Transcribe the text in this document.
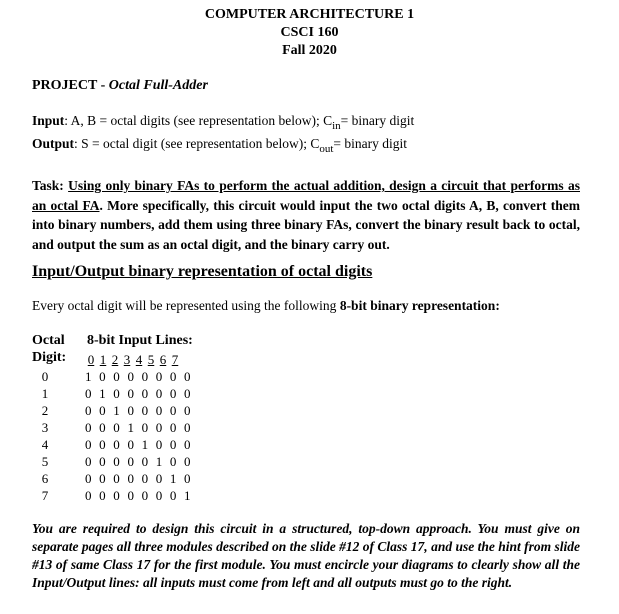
COMPUTER ARCHITECTURE 1
CSCI 160
Fall 2020
PROJECT - Octal Full-Adder
Input: A, B = octal digits (see representation below); $C_{in}=$ binary digit
Output: S = octal digit (see representation below); $C_{out}=$ binary digit
Task: Using only binary FAs to perform the actual addition, design a circuit that performs as an octal FA. More specifically, this circuit would input the two octal digits A, B, convert them into binary numbers, add them using three binary FAs, convert the binary result back to octal, and output the sum as an octal digit, and the binary carry out.
Input/Output binary representation of octal digits
Every octal digit will be represented using the following 8-bit binary representation:
Octal 8-bit Input Lines:
Digit: 0 1 2 3 4 5 6 7
0	1 0 0 0 0 0 0 0
1	0 1 0 0 0 0 0 0
2	0 0 1 0 0 0 0 0
3	0 0 0 1 0 0 0 0
4	0 0 0 0 1 0 0 0
5	0 0 0 0 0 1 0 0
6	0 0 0 0 0 0 1 0
7	0 0 0 0 0 0 0 1
You are required to design this circuit in a structured, top-down approach. You must give on separate pages all three modules described on the slide #12 of Class 17, and use the hint from slide #13 of same Class 17 for the first module. You must encircle your diagrams to clearly show all the Input/Output lines: all inputs must come from left and all outputs must go to the right.
